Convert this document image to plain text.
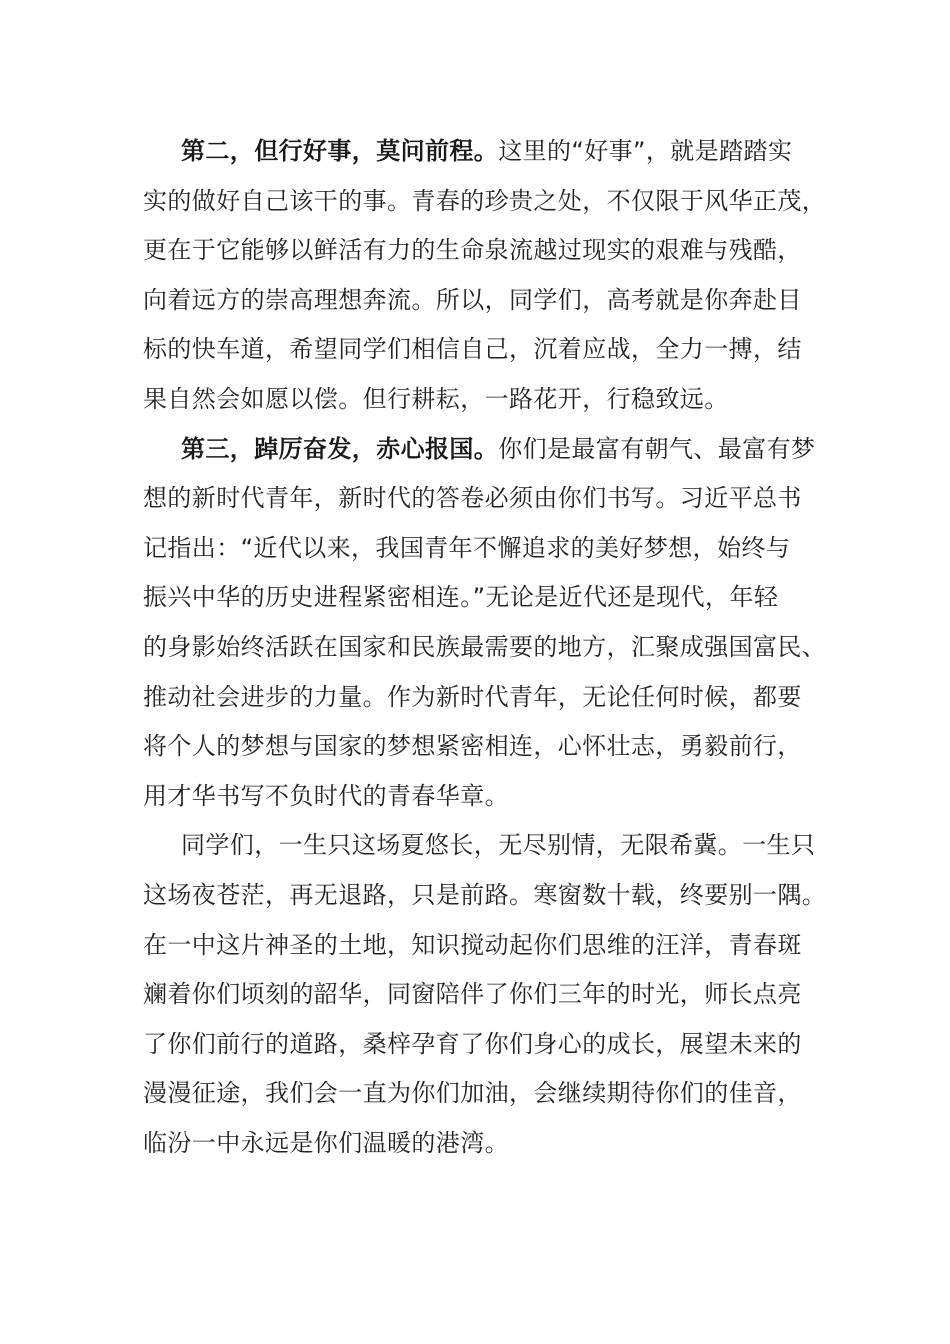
第二，但行好事，莫问前程。这里的“好事”，就是踏踏实
实的做好自己该干的事。青春的珍贵之处，不仅限于风华正茂，
更在于它能够以鲜活有力的生命泉流越过现实的艰难与残酷，
向着远方的崇高理想奔流。所以，同学们，高考就是你奔赴目
标的快车道，希望同学们相信自己，沉着应战，全力一搏，结
果自然会如愿以偿。但行耕耘，一路花开，行稳致远。

第三，踔厉奋发，赤心报国。你们是最富有朝气、最富有梦
想的新时代青年，新时代的答卷必须由你们书写。习近平总书
记指出：“近代以来，我国青年不懈追求的美好梦想，始终与
振兴中华的历史进程紧密相连。”无论是近代还是现代，年轻
的身影始终活跃在国家和民族最需要的地方，汇聚成强国富民、
推动社会进步的力量。作为新时代青年，无论任何时候，都要
将个人的梦想与国家的梦想紧密相连，心怀壮志，勇毅前行，
用才华书写不负时代的青春华章。

同学们，一生只这场夏悠长，无尽别情，无限希冀。一生只
这场夜苍茫，再无退路，只是前路。寒窗数十载，终要别一隅。
在一中这片神圣的土地，知识搅动起你们思维的汪洋，青春斑
斓着你们顷刻的韶华，同窗陪伴了你们三年的时光，师长点亮
了你们前行的道路，桑梓孕育了你们身心的成长，展望未来的
漫漫征途，我们会一直为你们加油，会继续期待你们的佳音，
临汾一中永远是你们温暖的港湾。
